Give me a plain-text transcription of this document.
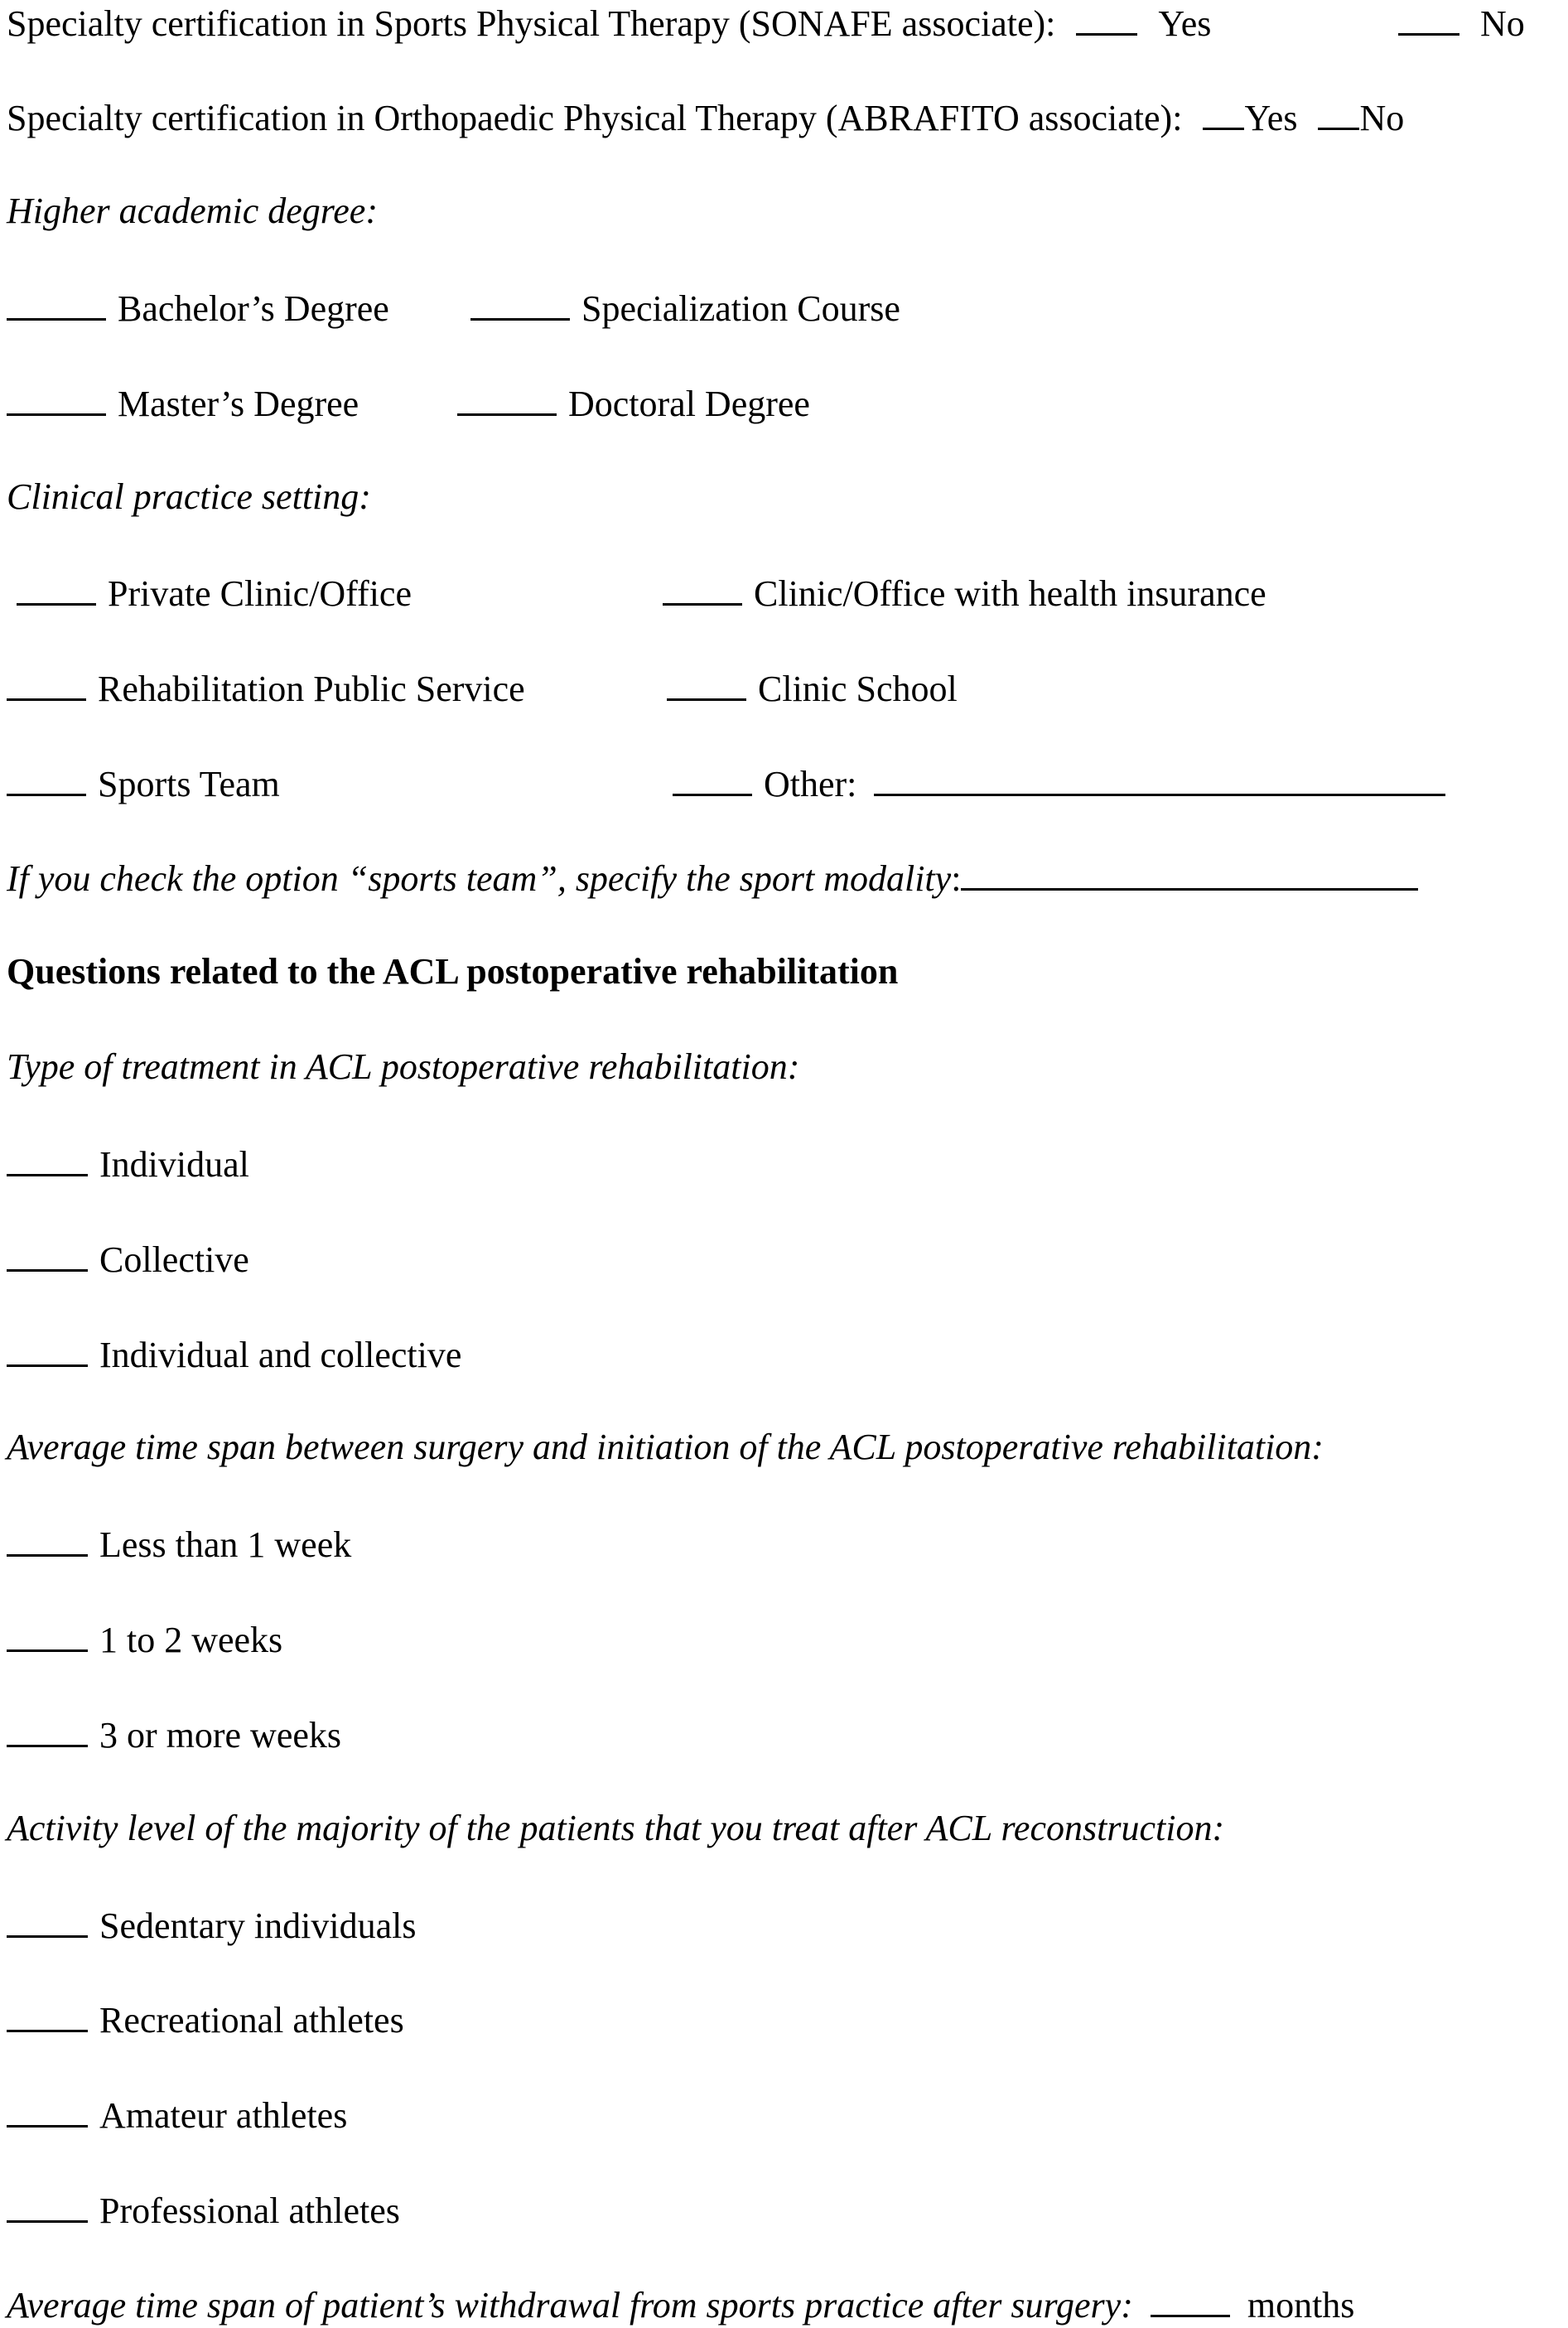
Specialty certification in Sports Physical Therapy (SONAFE associate):	Yes	No
Specialty certification in Orthopaedic Physical Therapy (ABRAFITO associate): Yes No
Higher academic degree:
Bachelor’s Degree	Specialization Course
Master’s Degree	Doctoral Degree
Clinical practice setting:
Private Clinic/Office	Clinic/Office with health insurance
Rehabilitation Public Service	Clinic School
Sports Team	Other:
If you check the option “sports team”, specify the sport modality:
Questions related to the ACL postoperative rehabilitation
Type of treatment in ACL postoperative rehabilitation:
Individual
Collective
Individual and collective
Average time span between surgery and initiation of the ACL postoperative rehabilitation:
Less than 1 week
1 to 2 weeks
3 or more weeks
Activity level of the majority of the patients that you treat after ACL reconstruction:
Sedentary individuals
Recreational athletes
Amateur athletes
Professional athletes
Average time span of patient’s withdrawal from sports practice after surgery:	months
